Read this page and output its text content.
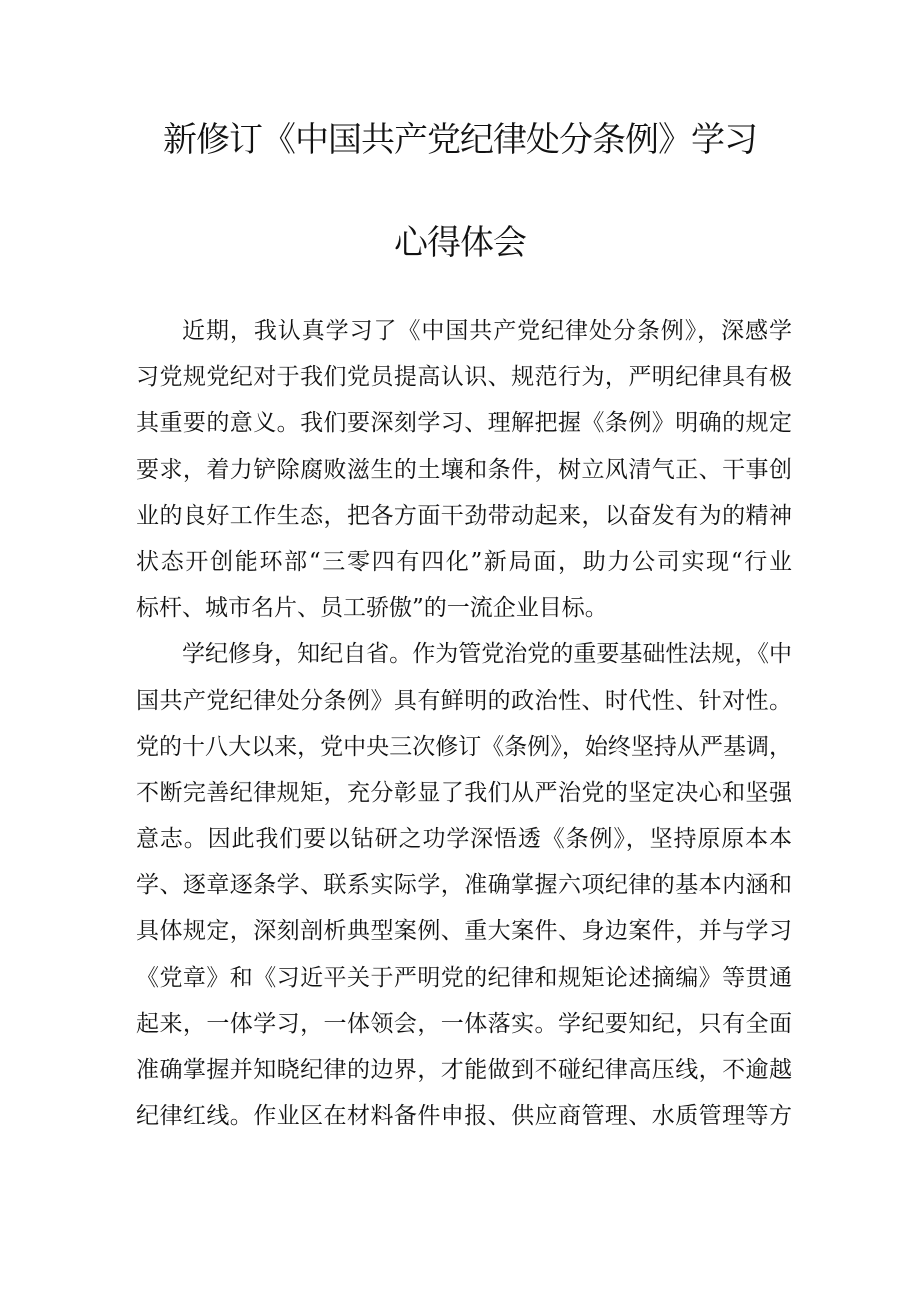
新修订《中国共产党纪律处分条例》学习
心得体会
近期，我认真学习了《中国共产党纪律处分条例》，深感学
习党规党纪对于我们党员提高认识、规范行为，严明纪律具有极
其重要的意义。我们要深刻学习、理解把握《条例》明确的规定
要求，着力铲除腐败滋生的土壤和条件，树立风清气正、干事创
业的良好工作生态，把各方面干劲带动起来，以奋发有为的精神
状态开创能环部“三零四有四化”新局面，助力公司实现“行业
标杆、城市名片、员工骄傲”的一流企业目标。
学纪修身，知纪自省。作为管党治党的重要基础性法规，《中
国共产党纪律处分条例》具有鲜明的政治性、时代性、针对性。
党的十八大以来，党中央三次修订《条例》，始终坚持从严基调，
不断完善纪律规矩，充分彰显了我们从严治党的坚定决心和坚强
意志。因此我们要以钻研之功学深悟透《条例》，坚持原原本本
学、逐章逐条学、联系实际学，准确掌握六项纪律的基本内涵和
具体规定，深刻剖析典型案例、重大案件、身边案件，并与学习
《党章》和《习近平关于严明党的纪律和规矩论述摘编》等贯通
起来，一体学习，一体领会，一体落实。学纪要知纪，只有全面
准确掌握并知晓纪律的边界，才能做到不碰纪律高压线，不逾越
纪律红线。作业区在材料备件申报、供应商管理、水质管理等方
